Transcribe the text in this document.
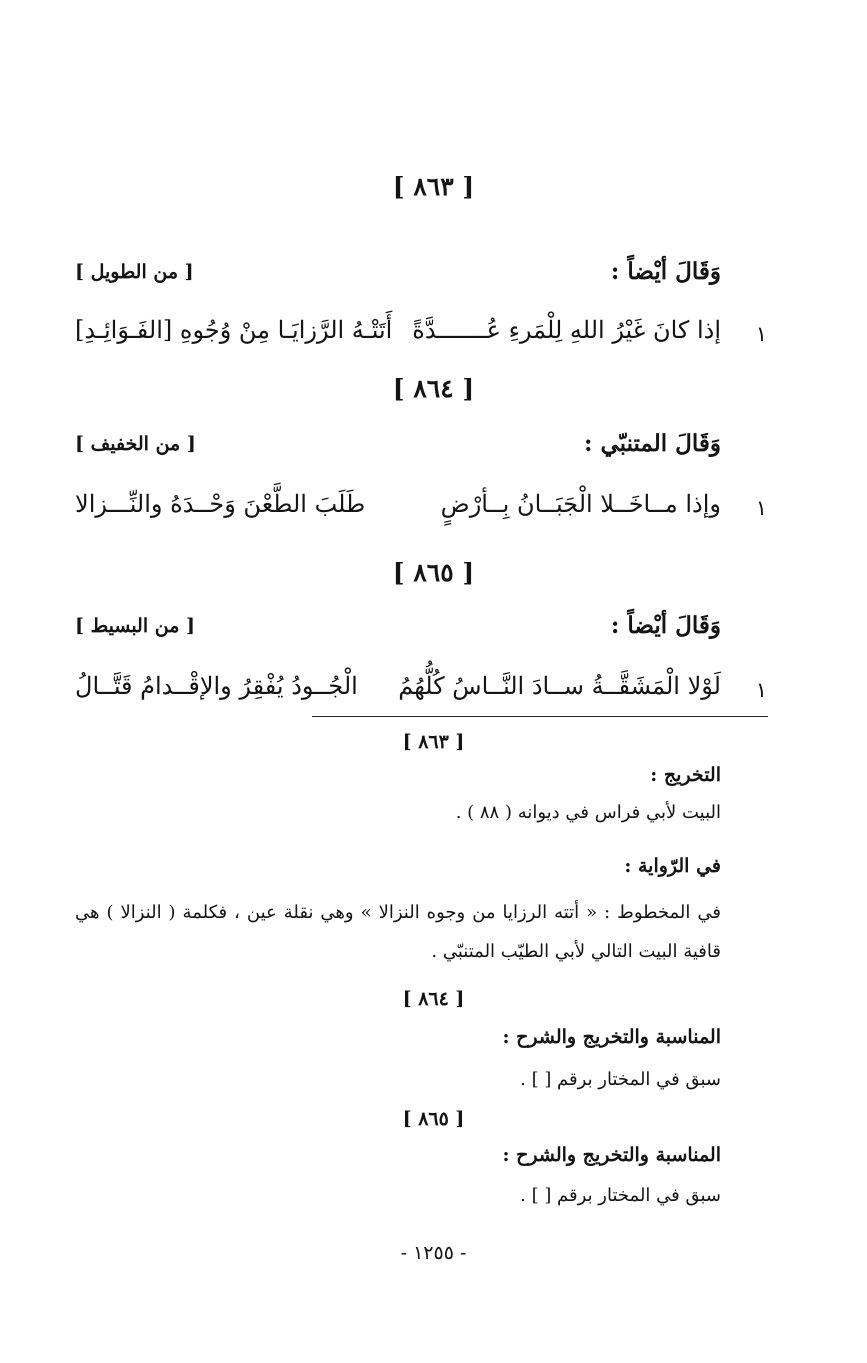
[ ٨٦٣ ]
وَقَالَ أيْضاً :
[ من الطويل ]
١
إذا كانَ غَيْرُ اللهِ لِلْمَرءِ عُـــــــدَّةً
أَتَتْـهُ الرَّزايَـا مِنْ وُجُوهِ [الفَـوَائِـدِ]
[ ٨٦٤ ]
وَقَالَ المتنبّي :
[ من الخفيف ]
١
وإذا مــاخَــلا الْجَبَــانُ بِــأرْضٍ
طَلَبَ الطَّعْنَ وَحْــدَهُ والنِّـــزالا
[ ٨٦٥ ]
وَقَالَ أيْضاً :
[ من البسيط ]
١
لَوْلا الْمَشَقَّــةُ ســادَ النَّــاسُ كُلُّهُمُ
الْجُــودُ يُفْقِرُ والإقْــدامُ قَتَّــالُ
[ ٨٦٣ ]
التخريج :
البيت لأبي فراس في ديوانه ( ٨٨ ) .
في الرّواية :
في المخطوط : « أتته الرزايا من وجوه النزالا » وهي نقلة عين ، فكلمة ( النزالا ) هي
قافية البيت التالي لأبي الطيّب المتنبّي .
[ ٨٦٤ ]
المناسبة والتخريج والشرح :
سبق في المختار برقم [ ] .
[ ٨٦٥ ]
المناسبة والتخريج والشرح :
سبق في المختار برقم [ ] .
- ١٢٥٥ -
